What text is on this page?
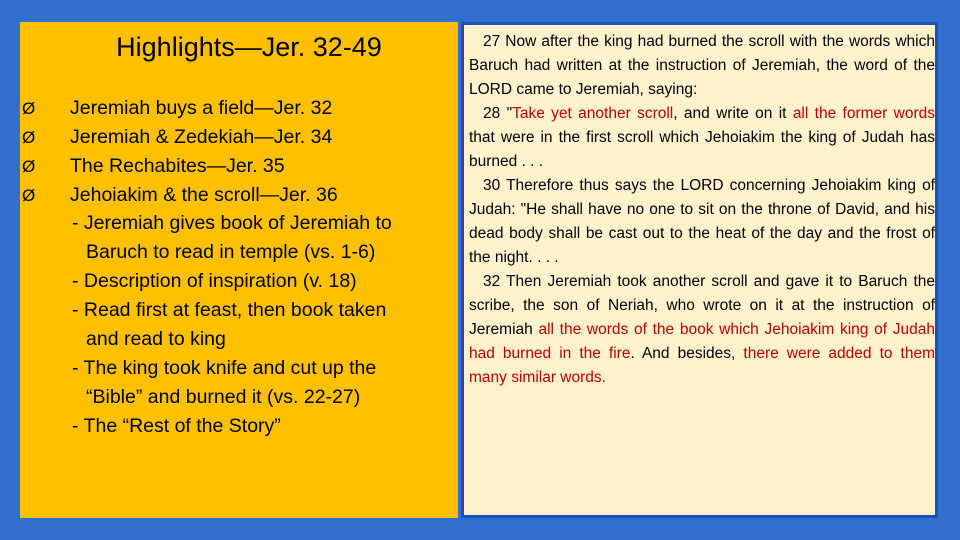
Highlights—Jer. 32-49
Ø Jeremiah buys a field—Jer. 32
Ø Jeremiah & Zedekiah—Jer. 34
Ø The Rechabites—Jer. 35
Ø Jehoiakim & the scroll—Jer. 36
- Jeremiah gives book of Jeremiah to
Baruch to read in temple (vs. 1-6)
- Description of inspiration (v. 18)
- Read first at feast, then book taken
and read to king
- The king took knife and cut up the
“Bible” and burned it (vs. 22-27)
- The “Rest of the Story”

27 Now after the king had burned the scroll with the words which Baruch had written at the instruction of Jeremiah, the word of the LORD came to Jeremiah, saying:

28 "Take yet another scroll, and write on it all the former words that were in the first scroll which Jehoiakim the king of Judah has burned . . .

30 Therefore thus says the LORD concerning Jehoiakim king of Judah: "He shall have no one to sit on the throne of David, and his dead body shall be cast out to the heat of the day and the frost of the night. . . .

32 Then Jeremiah took another scroll and gave it to Baruch the scribe, the son of Neriah, who wrote on it at the instruction of Jeremiah all the words of the book which Jehoiakim king of Judah had burned in the fire. And besides, there were added to them many similar words.
